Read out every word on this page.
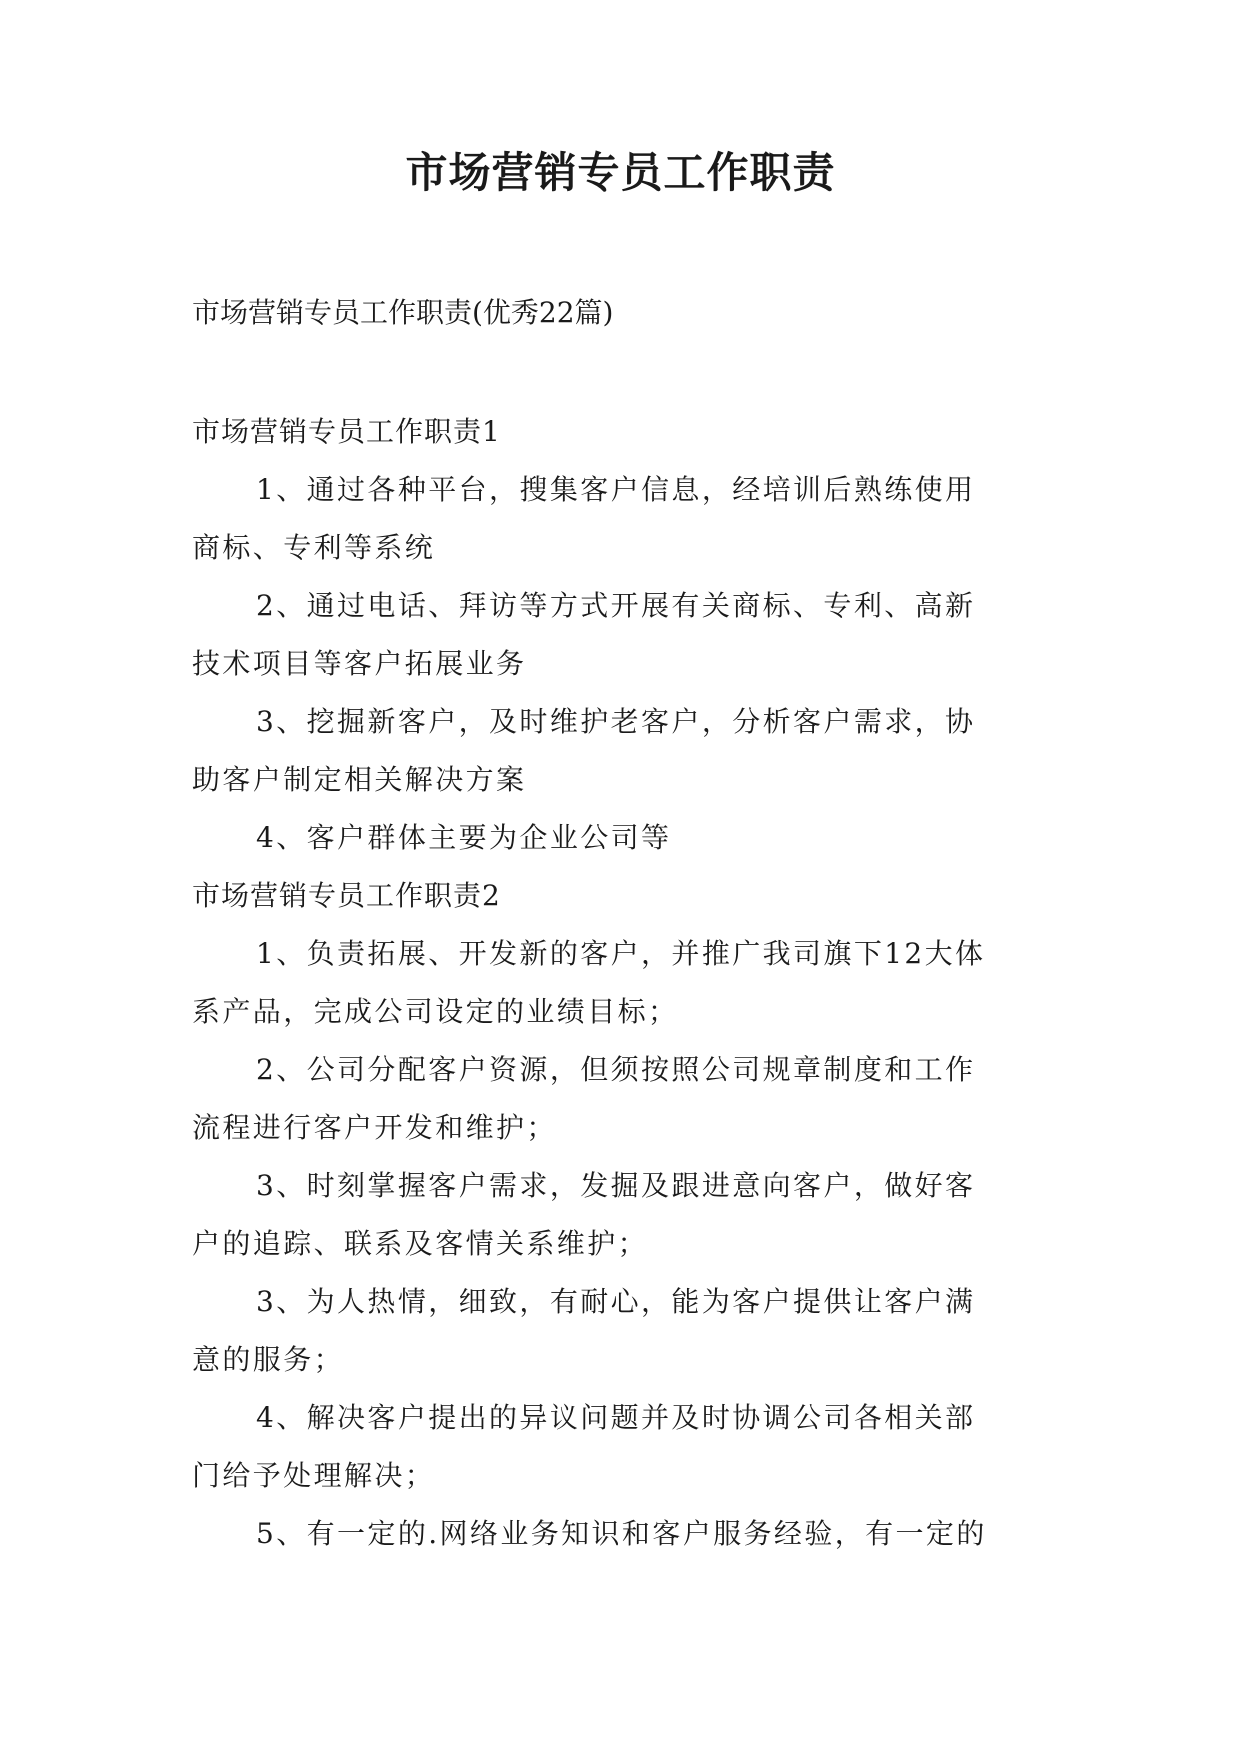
市场营销专员工作职责
市场营销专员工作职责(优秀22篇)

市场营销专员工作职责1

1、通过各种平台，搜集客户信息，经培训后熟练使用
商标、专利等系统

2、通过电话、拜访等方式开展有关商标、专利、高新
技术项目等客户拓展业务

3、挖掘新客户，及时维护老客户，分析客户需求，协
助客户制定相关解决方案

4、客户群体主要为企业公司等

市场营销专员工作职责2

1、负责拓展、开发新的客户，并推广我司旗下12大体
系产品，完成公司设定的业绩目标；

2、公司分配客户资源，但须按照公司规章制度和工作
流程进行客户开发和维护；

3、时刻掌握客户需求，发掘及跟进意向客户，做好客
户的追踪、联系及客情关系维护；

3、为人热情，细致，有耐心，能为客户提供让客户满
意的服务；

4、解决客户提出的异议问题并及时协调公司各相关部
门给予处理解决；

5、有一定的.网络业务知识和客户服务经验，有一定的
